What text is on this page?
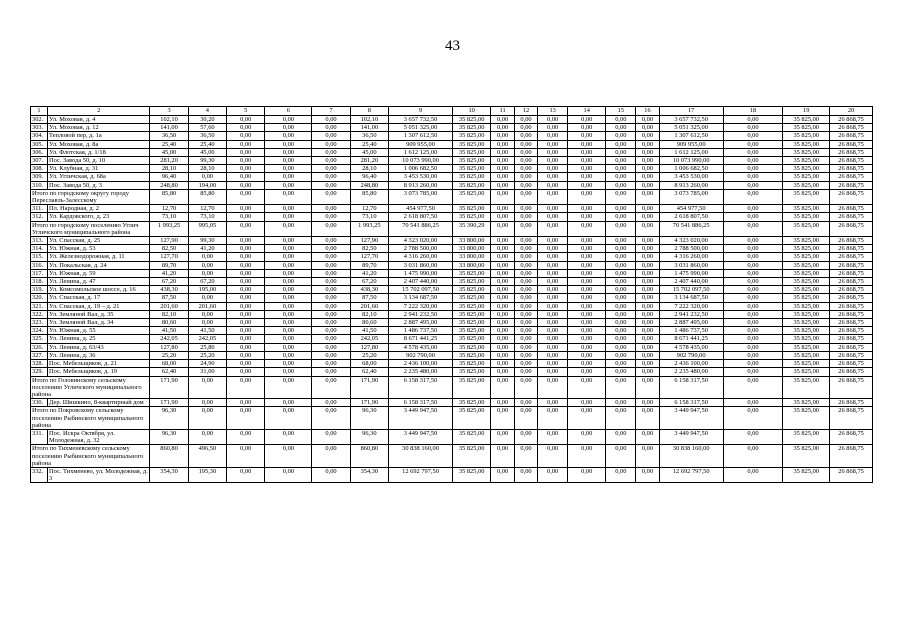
43
1	2	3	4	5	6	7	8	9	10	11	12	13	14	15	16	17	18	19	20
302.	Ул. Моховая, д. 4	102,10	30,20	0,00	0,00	0,00	102,10	3 657 732,50	35 825,00	0,00	0,00	0,00	0,00	0,00	0,00	3 657 732,50	0,00	35 825,00	26 868,75
303.	Ул. Моховая, д. 12	141,00	57,60	0,00	0,00	0,00	141,00	5 051 325,00	35 825,00	0,00	0,00	0,00	0,00	0,00	0,00	5 051 325,00	0,00	35 825,00	26 868,75
304.	Тепловой пер, д. 1а	36,50	36,50	0,00	0,00	0,00	36,50	1 307 612,50	35 825,00	0,00	0,00	0,00	0,00	0,00	0,00	1 307 612,50	0,00	35 825,00	26 868,75
305.	Ул. Моховая, д. 8а	25,40	25,40	0,00	0,00	0,00	25,40	909 955,00	35 825,00	0,00	0,00	0,00	0,00	0,00	0,00	909 955,00	0,00	35 825,00	26 868,75
306.	Ул. Флотская, д. 1/18	45,00	45,00	0,00	0,00	0,00	45,00	1 612 125,00	35 825,00	0,00	0,00	0,00	0,00	0,00	0,00	1 612 125,00	0,00	35 825,00	26 868,75
307.	Пос. Завода 50, д. 10	281,20	99,30	0,00	0,00	0,00	281,20	10 073 990,00	35 825,00	0,00	0,00	0,00	0,00	0,00	0,00	10 073 990,00	0,00	35 825,00	26 868,75
308.	Ул. Клубная, д. 31	28,10	28,10	0,00	0,00	0,00	28,10	1 006 682,50	35 825,00	0,00	0,00	0,00	0,00	0,00	0,00	1 006 682,50	0,00	35 825,00	26 868,75
309.	Ул. Угличская, д. 68а	96,40	0,00	0,00	0,00	0,00	96,40	3 453 530,00	35 825,00	0,00	0,00	0,00	0,00	0,00	0,00	3 453 530,00	0,00	35 825,00	26 868,75
310.	Пос. Завода 50, д. 3	248,80	194,00	0,00	0,00	0,00	248,80	8 913 260,00	35 825,00	0,00	0,00	0,00	0,00	0,00	0,00	8 913 260,00	0,00	35 825,00	26 868,75
Итого по городскому округу городу Переславль-Залесскому		85,80	85,80	0,00	0,00	0,00	85,80	3 073 785,00	35 825,00	0,00	0,00	0,00	0,00	0,00	0,00	3 073 785,00	0,00	35 825,00	26 868,75
311.	Пл. Народная, д. 2	12,70	12,70	0,00	0,00	0,00	12,70	454 977,50	35 825,00	0,00	0,00	0,00	0,00	0,00	0,00	454 977,50	0,00	35 825,00	26 868,75
312.	Ул. Кардовского, д. 23	73,10	73,10	0,00	0,00	0,00	73,10	2 618 807,50	35 825,00	0,00	0,00	0,00	0,00	0,00	0,00	2 618 807,50	0,00	35 825,00	26 868,75
Итого по городскому поселению Углич Угличского муниципального района		1 993,25	995,05	0,00	0,00	0,00	1 993,25	70 541 886,25	35 390,29	0,00	0,00	0,00	0,00	0,00	0,00	70 541 886,25	0,00	35 825,00	26 868,75
313.	Ул. Спасская, д. 25	127,90	99,30	0,00	0,00	0,00	127,90	4 323 020,00	33 800,00	0,00	0,00	0,00	0,00	0,00	0,00	4 323 020,00	0,00	35 825,00	26 868,75
314.	Ул. Южная, д. 53	82,50	41,20	0,00	0,00	0,00	82,50	2 788 500,00	33 800,00	0,00	0,00	0,00	0,00	0,00	0,00	2 788 500,00	0,00	35 825,00	26 868,75
315.	Ул. Железнодорожная, д. 11	127,70	0,00	0,00	0,00	0,00	127,70	4 316 260,00	33 800,00	0,00	0,00	0,00	0,00	0,00	0,00	4 316 260,00	0,00	35 825,00	26 868,75
316.	Ул. Покальская, д. 24	89,70	0,00	0,00	0,00	0,00	89,70	3 031 860,00	33 800,00	0,00	0,00	0,00	0,00	0,00	0,00	3 031 860,00	0,00	35 825,00	26 868,75
317.	Ул. Южная, д. 59	41,20	0,00	0,00	0,00	0,00	41,20	1 475 990,00	35 825,00	0,00	0,00	0,00	0,00	0,00	0,00	1 475 990,00	0,00	35 825,00	26 868,75
318.	Ул. Ленина, д. 47	67,20	67,20	0,00	0,00	0,00	67,20	2 407 440,00	35 825,00	0,00	0,00	0,00	0,00	0,00	0,00	2 407 440,00	0,00	35 825,00	26 868,75
319.	Ул. Комсомольское шоссе, д. 16	438,30	195,00	0,00	0,00	0,00	438,30	15 702 097,50	35 825,00	0,00	0,00	0,00	0,00	0,00	0,00	15 702 097,50	0,00	35 825,00	26 868,75
320.	Ул. Спасская, д. 17	87,50	0,00	0,00	0,00	0,00	87,50	3 134 687,50	35 825,00	0,00	0,00	0,00	0,00	0,00	0,00	3 134 687,50	0,00	35 825,00	26 868,75
321.	Ул. Спасская, д. 19 – д. 21	201,60	201,60	0,00	0,00	0,00	201,60	7 222 320,00	35 825,00	0,00	0,00	0,00	0,00	0,00	0,00	7 222 320,00	0,00	35 825,00	26 868,75
322.	Ул. Земляной Вал, д. 35	82,10	0,00	0,00	0,00	0,00	82,10	2 941 232,50	35 825,00	0,00	0,00	0,00	0,00	0,00	0,00	2 941 232,50	0,00	35 825,00	26 868,75
323.	Ул. Земляной Вал, д. 34	80,60	0,00	0,00	0,00	0,00	80,60	2 887 495,00	35 825,00	0,00	0,00	0,00	0,00	0,00	0,00	2 887 495,00	0,00	35 825,00	26 868,75
324.	Ул. Южная, д. 55	41,50	41,50	0,00	0,00	0,00	41,50	1 486 737,50	35 825,00	0,00	0,00	0,00	0,00	0,00	0,00	1 486 737,50	0,00	35 825,00	26 868,75
325.	Ул. Ленина, д. 25	242,05	242,05	0,00	0,00	0,00	242,05	8 671 441,25	35 825,00	0,00	0,00	0,00	0,00	0,00	0,00	8 671 441,25	0,00	35 825,00	26 868,75
326.	Ул. Ленина, д. 63/43	127,80	25,80	0,00	0,00	0,00	127,80	4 578 435,00	35 825,00	0,00	0,00	0,00	0,00	0,00	0,00	4 578 435,00	0,00	35 825,00	26 868,75
327.	Ул. Ленина, д. 36	25,20	25,20	0,00	0,00	0,00	25,20	902 790,00	35 825,00	0,00	0,00	0,00	0,00	0,00	0,00	902 790,00	0,00	35 825,00	26 868,75
328.	Пос. Мебельщиков, д. 21	68,00	24,90	0,00	0,00	0,00	68,00	2 436 100,00	35 825,00	0,00	0,00	0,00	0,00	0,00	0,00	2 436 100,00	0,00	35 825,00	26 868,75
329.	Пос. Мебельщиков, д. 19	62,40	31,00	0,00	0,00	0,00	62,40	2 235 480,00	35 825,00	0,00	0,00	0,00	0,00	0,00	0,00	2 235 480,00	0,00	35 825,00	26 868,75
Итого по Головинскому сельскому поселению Угличского муниципального района		171,90	0,00	0,00	0,00	0,00	171,90	6 158 317,50	35 825,00	0,00	0,00	0,00	0,00	0,00	0,00	6 158 317,50	0,00	35 825,00	26 868,75
330.	Дер. Шишкино, 8-квартирный дом	171,90	0,00	0,00	0,00	0,00	171,90	6 158 317,50	35 825,00	0,00	0,00	0,00	0,00	0,00	0,00	6 158 317,50	0,00	35 825,00	26 868,75
Итого по Покровскому сельскому поселению Рыбинского муниципального района		96,30	0,00	0,00	0,00	0,00	96,30	3 449 947,50	35 825,00	0,00	0,00	0,00	0,00	0,00	0,00	3 449 947,50	0,00	35 825,00	26 868,75
331.	Пос. Искра Октября, ул. Молодежная, д. 32	96,30	0,00	0,00	0,00	0,00	96,30	3 449 947,50	35 825,00	0,00	0,00	0,00	0,00	0,00	0,00	3 449 947,50	0,00	35 825,00	26 868,75
Итого по Тихменевскому сельскому поселению Рыбинского муниципального района		860,80	496,50	0,00	0,00	0,00	860,80	30 838 160,00	35 825,00	0,00	0,00	0,00	0,00	0,00	0,00	30 838 160,00	0,00	35 825,00	26 868,75
332.	Пос. Тихменево, ул. Молодежная, д. 3	354,30	195,30	0,00	0,00	0,00	354,30	12 692 797,50	35 825,00	0,00	0,00	0,00	0,00	0,00	0,00	12 692 797,50	0,00	35 825,00	26 868,75
